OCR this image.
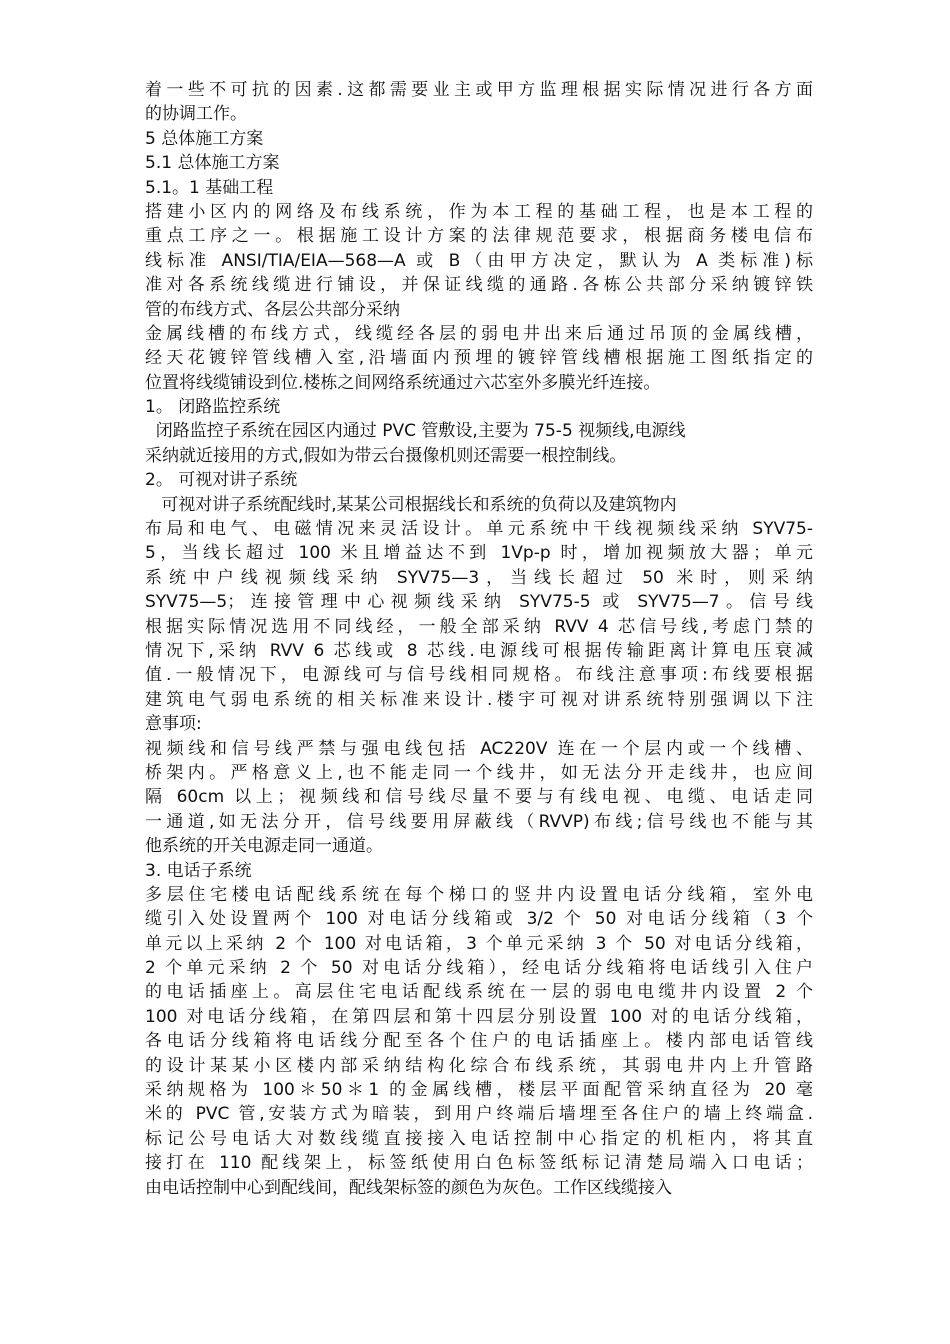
着一些不可抗的因素.这都需要业主或甲方监理根据实际情况进行各方面
的协调工作。
5 总体施工方案
5.1 总体施工方案
5.1。1 基础工程
搭建小区内的网络及布线系统，作为本工程的基础工程，也是本工程的
重点工序之一。根据施工设计方案的法律规范要求，根据商务楼电信布
线标准 ANSI/TIA/EIA—568—A 或 B（由甲方决定，默认为 A 类标准)标
准对各系统线缆进行铺设，并保证线缆的通路.各栋公共部分采纳镀锌铁
管的布线方式、各层公共部分采纳
金属线槽的布线方式，线缆经各层的弱电井出来后通过吊顶的金属线槽，
经天花镀锌管线槽入室,沿墙面内预埋的镀锌管线槽根据施工图纸指定的
位置将线缆铺设到位.楼栋之间网络系统通过六芯室外多膜光纤连接。
1。 闭路监控系统
闭路监控子系统在园区内通过 PVC 管敷设,主要为 75-5 视频线,电源线
采纳就近接用的方式,假如为带云台摄像机则还需要一根控制线。
2。 可视对讲子系统
可视对讲子系统配线时,某某公司根据线长和系统的负荷以及建筑物内
布局和电气、电磁情况来灵活设计。单元系统中干线视频线采纳 SYV75-
5，当线长超过 100 米且增益达不到 1Vp-p 时，增加视频放大器；单元
系统中户线视频线采纳 SYV75—3，当线长超过 50 米时，则采纳
SYV75—5；连接管理中心视频线采纳 SYV75-5 或 SYV75—7。信号线
根据实际情况选用不同线经，一般全部采纳 RVV 4 芯信号线,考虑门禁的
情况下,采纳 RVV 6 芯线或 8 芯线.电源线可根据传输距离计算电压衰减
值.一般情况下，电源线可与信号线相同规格。布线注意事项:布线要根据
建筑电气弱电系统的相关标准来设计.楼宇可视对讲系统特别强调以下注
意事项:
视频线和信号线严禁与强电线包括 AC220V 连在一个层内或一个线槽、
桥架内。严格意义上,也不能走同一个线井，如无法分开走线井，也应间
隔 60cm 以上；视频线和信号线尽量不要与有线电视、电缆、电话走同
一通道,如无法分开，信号线要用屏蔽线（RVVP)布线;信号线也不能与其
他系统的开关电源走同一通道。
3. 电话子系统
多层住宅楼电话配线系统在每个梯口的竖井内设置电话分线箱，室外电
缆引入处设置两个 100 对电话分线箱或 3/2 个 50 对电话分线箱（3 个
单元以上采纳 2 个 100 对电话箱，3 个单元采纳 3 个 50 对电话分线箱，
2 个单元采纳 2 个 50 对电话分线箱），经电话分线箱将电话线引入住户
的电话插座上。高层住宅电话配线系统在一层的弱电电缆井内设置 2 个
100 对电话分线箱，在第四层和第十四层分别设置 100 对的电话分线箱，
各电话分线箱将电话线分配至各个住户的电话插座上。楼内部电话管线
的设计某某小区楼内部采纳结构化综合布线系统，其弱电井内上升管路
采纳规格为 100＊50＊1 的金属线槽，楼层平面配管采纳直径为 20 毫
米的 PVC 管,安装方式为暗装，到用户终端后墙埋至各住户的墙上终端盒.
标记公号电话大对数线缆直接接入电话控制中心指定的机柜内，将其直
接打在 110 配线架上，标签纸使用白色标签纸标记清楚局端入口电话；
由电话控制中心到配线间，配线架标签的颜色为灰色。工作区线缆接入
